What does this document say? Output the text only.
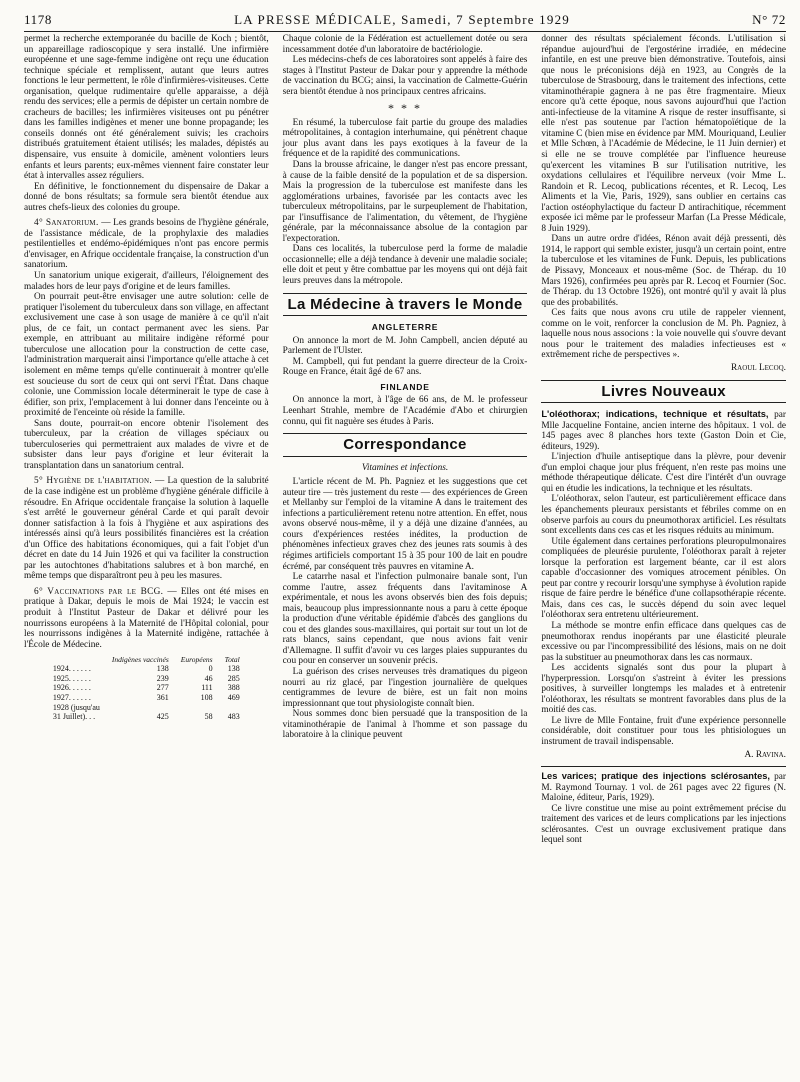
1178	LA PRESSE MÉDICALE, Samedi, 7 Septembre 1929	N° 72

permet la recherche extemporanée du bacille de Koch ; bientôt, un appareillage radioscopique y sera installé. Une infirmière européenne et une sage-femme indigène ont reçu une éducation technique spéciale et remplissent, autant que leurs autres fonctions le leur permettent, le rôle d'infirmières-visiteuses. Cette organisation, quelque rudimentaire qu'elle apparaisse, a déjà rendu des services; elle a permis de dépister un certain nombre de cracheurs de bacilles; les infirmières visiteuses ont pu pénétrer dans les familles indigènes et mener une bonne propagande; les conseils donnés ont été généralement suivis; les crachoirs distribués gratuitement étaient utilisés; les malades, dépistés au dispensaire, vus ensuite à domicile, amènent volontiers leurs enfants et leurs parents; eux-mêmes viennent faire constater leur état à intervalles assez réguliers.

En définitive, le fonctionnement du dispensaire de Dakar a donné de bons résultats; sa formule sera bientôt étendue aux autres chefs-lieux des colonies du groupe.

4° Sanatorium. — Les grands besoins de l'hygiène générale, de l'assistance médicale, de la prophylaxie des maladies pestilentielles et endémo-épidémiques n'ont pas encore permis d'envisager, en Afrique occidentale française, la construction d'un sanatorium.

Un sanatorium unique exigerait, d'ailleurs, l'éloignement des malades hors de leur pays d'origine et de leurs familles.

On pourrait peut-être envisager une autre solution: celle de pratiquer l'isolement du tuberculeux dans son village, en affectant exclusivement une case à son usage de manière à ce qu'il n'ait plus, de ce fait, un contact permanent avec les siens. Par exemple, en attribuant au militaire indigène réformé pour tuberculose une allocation pour la construction de cette case, l'administration marquerait ainsi l'importance qu'elle attache à cet isolement en même temps qu'elle continuerait à montrer qu'elle est soucieuse du sort de ceux qui ont servi l'État. Dans chaque colonie, une Commission locale déterminerait le type de case à édifier, son prix, l'emplacement à lui donner dans l'enceinte ou à proximité de l'enceinte où réside la famille.

Sans doute, pourrait-on encore obtenir l'isolement des tuberculeux, par la création de villages spéciaux ou tuberculoseries qui permettraient aux malades de vivre et de subsister dans leur pays d'origine et leur éviterait la transplantation dans un sanatorium central.

5° Hygiène de l'habitation. — La question de la salubrité de la case indigène est un problème d'hygiène générale difficile à résoudre. En Afrique occidentale française la solution à laquelle s'est arrêté le gouverneur général Carde et qui paraît devoir donner satisfaction à la fois à l'hygiène et aux aspirations des intéressés ainsi qu'à leurs possibilités financières est la création d'un Office des habitations économiques, qui a fait l'objet d'un décret en date du 14 Juin 1926 et qui va faciliter la construction par les autochtones d'habitations salubres et à bon marché, en même temps que disparaîtront peu à peu les masures.

6° Vaccinations par le BCG. — Elles ont été mises en pratique à Dakar, depuis le mois de Mai 1924; le vaccin est produit à l'Institut Pasteur de Dakar et délivré pour les nourrissons européens à la Maternité de l'Hôpital colonial, pour les nourrissons indigènes à la Maternité indigène, rattachée à l'École de Médecine.

	Indigènes vaccinés	Européens	Total
1924. . . . . .	138	0	138
1925. . . . . .	239	46	285
1926. . . . . .	277	111	388
1927. . . . . .	361	108	469
1928 (jusqu'au			
31 Juillet). . .	425	58	483

Chaque colonie de la Fédération est actuellement dotée ou sera incessamment dotée d'un laboratoire de bactériologie.

Les médecins-chefs de ces laboratoires sont appelés à faire des stages à l'Institut Pasteur de Dakar pour y apprendre la méthode de vaccination du BCG; ainsi, la vaccination de Calmette-Guérin sera bientôt étendue à nos principaux centres africains.

* * *

En résumé, la tuberculose fait partie du groupe des maladies métropolitaines, à contagion interhumaine, qui pénètrent chaque jour plus avant dans les pays exotiques à la faveur de la fréquence et de la rapidité des communications.

Dans la brousse africaine, le danger n'est pas encore pressant, à cause de la faible densité de la population et de sa dispersion. Mais la progression de la tuberculose est manifeste dans les agglomérations urbaines, favorisée par les contacts avec les tuberculeux métropolitains, par le surpeuplement de l'habitation, par l'insuffisance de l'alimentation, du vêtement, de l'hygiène générale, par la méconnaissance absolue de la contagion par l'expectoration.

Dans ces localités, la tuberculose perd la forme de maladie occasionnelle; elle a déjà tendance à devenir une maladie sociale; elle doit et peut y être combattue par les moyens qui ont déjà fait leurs preuves dans la métropole.

La Médecine à travers le Monde
ANGLETERRE

On annonce la mort de M. John Campbell, ancien député au Parlement de l'Ulster.

M. Campbell, qui fut pendant la guerre directeur de la Croix-Rouge en France, était âgé de 67 ans.

FINLANDE

On annonce la mort, à l'âge de 66 ans, de M. le professeur Leenhart Strahle, membre de l'Académie d'Abo et chirurgien connu, qui fit naguère ses études à Paris.

Correspondance
Vitamines et infections.

L'article récent de M. Ph. Pagniez et les suggestions que cet auteur tire — très justement du reste — des expériences de Green et Mellanby sur l'emploi de la vitamine A dans le traitement des infections a particulièrement retenu notre attention. En effet, nous avons observé nous-même, il y a déjà une dizaine d'années, au cours d'expériences restées inédites, la production de phénomènes infectieux graves chez des jeunes rats soumis à des régimes artificiels comportant 15 à 35 pour 100 de lait en poudre écrémé, par conséquent très pauvres en vitamine A.

Le catarrhe nasal et l'infection pulmonaire banale sont, l'un comme l'autre, assez fréquents dans l'avitaminose A expérimentale, et nous les avons observés bien des fois depuis; mais, beaucoup plus impressionnante nous a paru à cette époque la production d'une véritable épidémie d'abcès des ganglions du cou et des glandes sous-maxillaires, qui portait sur tout un lot de rats blancs, sains cependant, que nous avions fait venir d'Allemagne. Il suffit d'avoir vu ces larges plaies suppurantes du cou pour en conserver un souvenir précis.

La guérison des crises nerveuses très dramatiques du pigeon nourri au riz glacé, par l'ingestion journalière de quelques centigrammes de levure de bière, est un fait non moins impressionnant que tout physiologiste connaît bien.

Nous sommes donc bien persuadé que la transposition de la vitaminothérapie de l'animal à l'homme et son passage du laboratoire à la clinique peuvent

donner des résultats spécialement féconds. L'utilisation si répandue aujourd'hui de l'ergostérine irradiée, en médecine infantile, en est une preuve bien démonstrative. Toutefois, ainsi que nous le préconisions déjà en 1923, au Congrès de la tuberculose de Strasbourg, dans le traitement des infections, cette vitaminothérapie gagnera à ne pas être fragmentaire. Mieux encore qu'à cette époque, nous savons aujourd'hui que l'action anti-infectieuse de la vitamine A risque de rester insuffisante, si elle n'est pas soutenue par l'action hématopoïétique de la vitamine C (bien mise en évidence par MM. Mouriquand, Leulier et Mlle Schœn, à l'Académie de Médecine, le 11 Juin dernier) et si elle ne se trouve complétée par l'influence heureuse qu'exercent les vitamines B sur l'utilisation nutritive, les oxydations cellulaires et l'équilibre nerveux (voir Mme L. Randoin et R. Lecoq, publications récentes, et R. Lecoq, Les Aliments et la Vie, Paris, 1929), sans oublier en certains cas l'action ostéophylactique du facteur D antirachitique, récemment exposée ici même par le professeur Marfan (La Presse Médicale, 8 Juin 1929).

Dans un autre ordre d'idées, Rénon avait déjà pressenti, dès 1914, le rapport qui semble exister, jusqu'à un certain point, entre la tuberculose et les vitamines de Funk. Depuis, les publications de Pissavy, Monceaux et nous-même (Soc. de Thérap. du 10 Mars 1926), confirmées peu après par R. Lecoq et Fournier (Soc. de Thérap. du 13 Octobre 1926), ont montré qu'il y avait là plus que des probabilités.

Ces faits que nous avons cru utile de rappeler viennent, comme on le voit, renforcer la conclusion de M. Ph. Pagniez, à laquelle nous nous associons : la voie nouvelle qui s'ouvre devant nous pour le traitement des maladies infectieuses est « extrêmement riche de perspectives ».

Raoul Lecoq.
Livres Nouveaux

L'oléothorax; indications, technique et résultats, par Mlle Jacqueline Fontaine, ancien interne des hôpitaux. 1 vol. de 145 pages avec 8 planches hors texte (Gaston Doin et Cie, éditeurs, 1929).

L'injection d'huile antiseptique dans la plèvre, pour devenir d'un emploi chaque jour plus fréquent, n'en reste pas moins une méthode thérapeutique délicate. C'est dire l'intérêt d'un ouvrage qui en étudie les indications, la technique et les résultats.

L'oléothorax, selon l'auteur, est particulièrement efficace dans les épanchements pleuraux persistants et fébriles comme on en observe parfois au cours du pneumothorax artificiel. Les résultats sont excellents dans ces cas et les risques réduits au minimum.

Utile également dans certaines perforations pleuropulmonaires compliquées de pleurésie purulente, l'oléothorax paraît à rejeter lorsque la perforation est largement béante, car il est alors capable d'occasionner des vomiques atrocement pénibles. On peut par contre y recourir lorsqu'une symphyse à évolution rapide risque de faire perdre le bénéfice d'une collapsothérapie récente. Mais, dans ces cas, le succès dépend du soin avec lequel l'oléothorax sera entretenu ultérieurement.

La méthode se montre enfin efficace dans quelques cas de pneumothorax rendus inopérants par une élasticité pleurale excessive ou par l'incompressibilité des lésions, mais on ne doit pas la substituer au pneumothorax dans les cas normaux.

Les accidents signalés sont dus pour la plupart à l'hyperpression. Lorsqu'on s'astreint à éviter les pressions positives, à surveiller longtemps les malades et à entretenir l'oléothorax, les résultats se montrent favorables dans plus de la moitié des cas.

Le livre de Mlle Fontaine, fruit d'une expérience personnelle considérable, doit constituer pour tous les phtisiologues un instrument de travail indispensable.

A. Ravina.

Les varices; pratique des injections sclérosantes, par M. Raymond Tournay. 1 vol. de 261 pages avec 22 figures (N. Maloine, éditeur, Paris, 1929).

Ce livre constitue une mise au point extrêmement précise du traitement des varices et de leurs complications par les injections sclérosantes. C'est un ouvrage exclusivement pratique dans lequel sont
